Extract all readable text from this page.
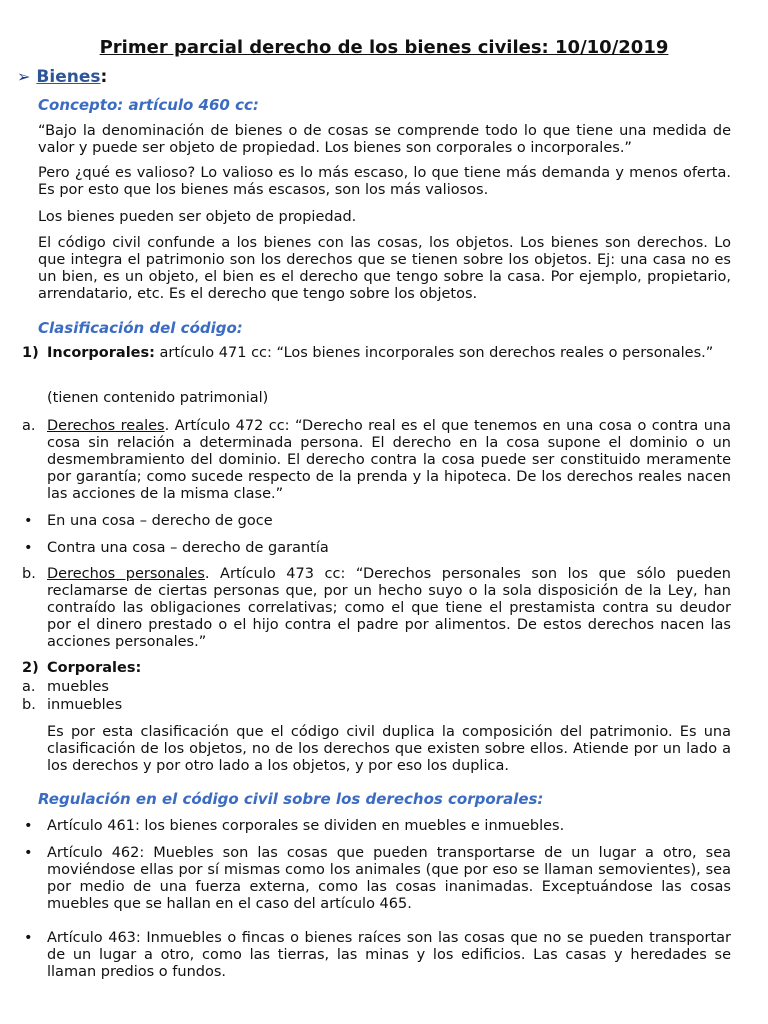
Primer parcial derecho de los bienes civiles: 10/10/2019
➢ Bienes:
Concepto: artículo 460 cc:
“Bajo la denominación de bienes o de cosas se comprende todo lo que tiene una medida de valor y puede ser objeto de propiedad. Los bienes son corporales o incorporales.”
Pero ¿qué es valioso? Lo valioso es lo más escaso, lo que tiene más demanda y menos oferta. Es por esto que los bienes más escasos, son los más valiosos.
Los bienes pueden ser objeto de propiedad.
El código civil confunde a los bienes con las cosas, los objetos. Los bienes son derechos. Lo que integra el patrimonio son los derechos que se tienen sobre los objetos. Ej: una casa no es un bien, es un objeto, el bien es el derecho que tengo sobre la casa. Por ejemplo, propietario, arrendatario, etc. Es el derecho que tengo sobre los objetos.
Clasificación del código:
1) Incorporales: artículo 471 cc: “Los bienes incorporales son derechos reales o personales.”
(tienen contenido patrimonial)
a. Derechos reales. Artículo 472 cc: “Derecho real es el que tenemos en una cosa o contra una cosa sin relación a determinada persona. El derecho en la cosa supone el dominio o un desmembramiento del dominio. El derecho contra la cosa puede ser constituido meramente por garantía; como sucede respecto de la prenda y la hipoteca. De los derechos reales nacen las acciones de la misma clase.”
• En una cosa – derecho de goce
• Contra una cosa – derecho de garantía
b. Derechos personales. Artículo 473 cc: “Derechos personales son los que sólo pueden reclamarse de ciertas personas que, por un hecho suyo o la sola disposición de la Ley, han contraído las obligaciones correlativas; como el que tiene el prestamista contra su deudor por el dinero prestado o el hijo contra el padre por alimentos. De estos derechos nacen las acciones personales.”
2) Corporales:
a. muebles
b. inmuebles
Es por esta clasificación que el código civil duplica la composición del patrimonio. Es una clasificación de los objetos, no de los derechos que existen sobre ellos. Atiende por un lado a los derechos y por otro lado a los objetos, y por eso los duplica.
Regulación en el código civil sobre los derechos corporales:
• Artículo 461: los bienes corporales se dividen en muebles e inmuebles.
• Artículo 462: Muebles son las cosas que pueden transportarse de un lugar a otro, sea moviéndose ellas por sí mismas como los animales (que por eso se llaman semovientes), sea por medio de una fuerza externa, como las cosas inanimadas. Exceptuándose las cosas muebles que se hallan en el caso del artículo 465.
• Artículo 463: Inmuebles o fincas o bienes raíces son las cosas que no se pueden transportar de un lugar a otro, como las tierras, las minas y los edificios. Las casas y heredades se llaman predios o fundos.
